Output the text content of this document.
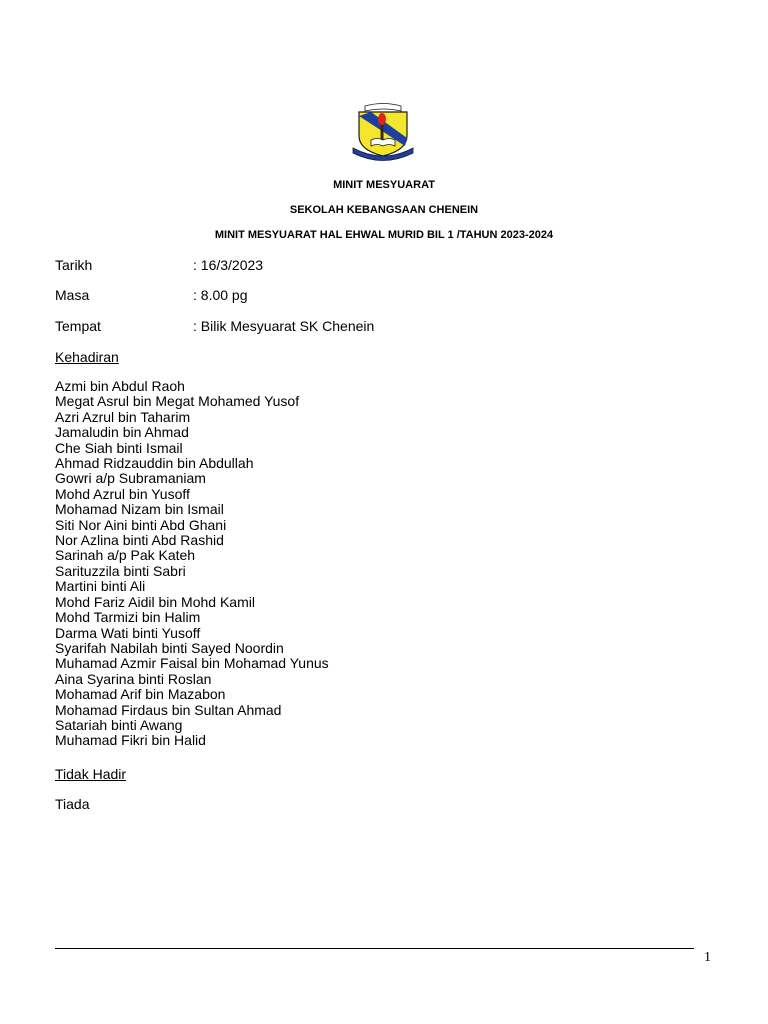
MINIT MESYUARAT
SEKOLAH KEBANGSAAN CHENEIN
MINIT MESYUARAT HAL EHWAL MURID BIL 1 /TAHUN 2023-2024
Tarikh	: 16/3/2023
Masa	: 8.00 pg
Tempat	: Bilik Mesyuarat SK Chenein
Kehadiran
Azmi bin Abdul Raoh
Megat Asrul bin Megat Mohamed Yusof
Azri Azrul bin Taharim
Jamaludin bin Ahmad
Che Siah binti Ismail
Ahmad Ridzauddin bin Abdullah
Gowri a/p Subramaniam
Mohd Azrul bin Yusoff
Mohamad Nizam bin Ismail
Siti Nor Aini binti Abd Ghani
Nor Azlina binti Abd Rashid
Sarinah a/p Pak Kateh
Sarituzzila binti Sabri
Martini binti Ali
Mohd Fariz Aidil bin Mohd Kamil
Mohd Tarmizi bin Halim
Darma Wati binti Yusoff
Syarifah Nabilah binti Sayed Noordin
Muhamad Azmir Faisal bin Mohamad Yunus
Aina Syarina binti Roslan
Mohamad Arif bin Mazabon
Mohamad Firdaus bin Sultan Ahmad
Satariah binti Awang
Muhamad Fikri bin Halid
Tidak Hadir
Tiada
1
